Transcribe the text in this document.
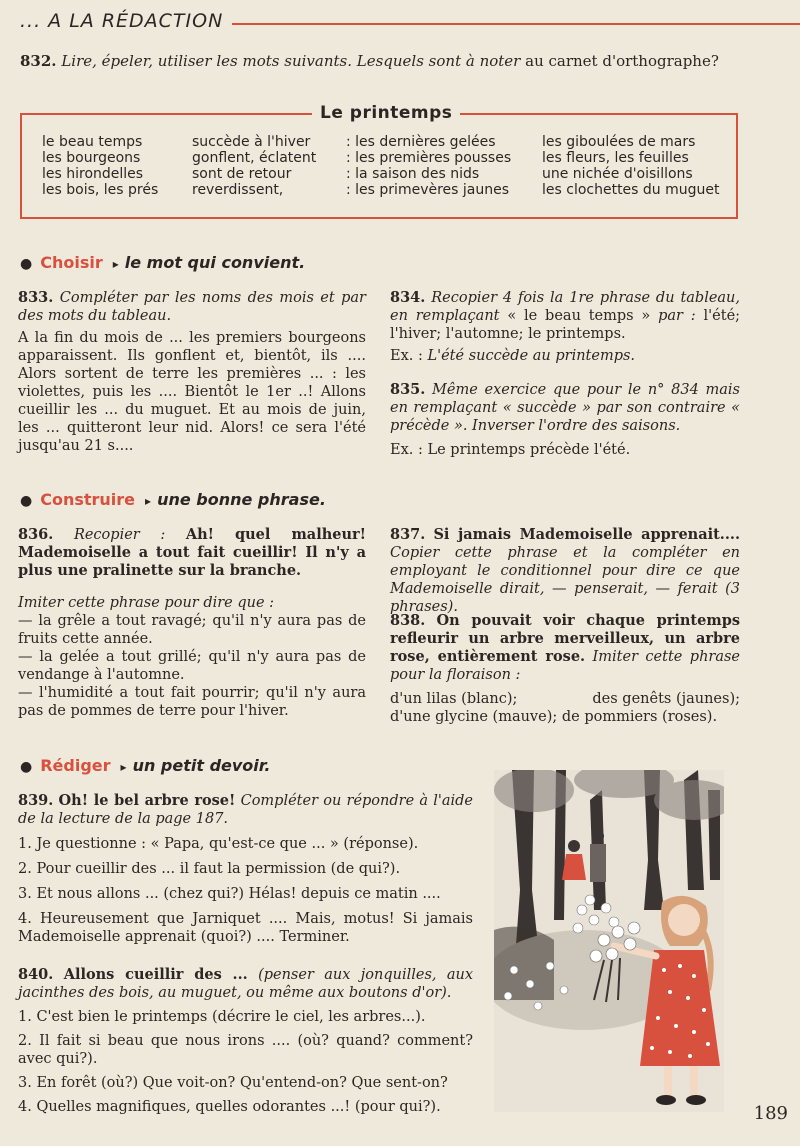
... A LA RÉDACTION
832. Lire, épeler, utiliser les mots suivants. Lesquels sont à noter au carnet d'orthographe?
Le printemps
le beau temps
les bourgeons
les hirondelles
les bois, les prés
succède à l'hiver
gonflent, éclatent
sont de retour
reverdissent,
: les dernières gelées
: les premières pousses
: la saison des nids
: les primevères jaunes
les giboulées de mars
les fleurs, les feuilles
une nichée d'oisillons
les clochettes du muguet
● Choisir ▸ le mot qui convient.

833. Compléter par les noms des mois et par des mots du tableau.

A la fin du mois de ... les premiers bourgeons apparaissent. Ils gonflent et, bientôt, ils .... Alors sortent de terre les premières ... : les violettes, puis les .... Bientôt le 1er ..! Allons cueillir les ... du muguet. Et au mois de juin, les ... quitteront leur nid. Alors! ce sera l'été jusqu'au 21 s....

834. Recopier 4 fois la 1re phrase du tableau, en remplaçant « le beau temps » par : l'été; l'hiver; l'automne; le printemps.

Ex. : L'été succède au printemps.

835. Même exercice que pour le n° 834 mais en remplaçant « succède » par son contraire « précède ». Inverser l'ordre des saisons.

Ex. : Le printemps précède l'été.

● Construire ▸ une bonne phrase.

836. Recopier : Ah! quel malheur! Mademoiselle a tout fait cueillir! Il n'y a plus une pralinette sur la branche.

Imiter cette phrase pour dire que :

— la grêle a tout ravagé; qu'il n'y aura pas de fruits cette année.

— la gelée a tout grillé; qu'il n'y aura pas de vendange à l'automne.

— l'humidité a tout fait pourrir; qu'il n'y aura pas de pommes de terre pour l'hiver.

837. Si jamais Mademoiselle apprenait.... Copier cette phrase et la compléter en employant le conditionnel pour dire ce que Mademoiselle dirait, — penserait, — ferait (3 phrases).

838. On pouvait voir chaque printemps refleurir un arbre merveilleux, un arbre rose, entièrement rose. Imiter cette phrase pour la floraison :

d'un lilas (blanc);	des genêts (jaunes);

d'une glycine (mauve); de pommiers (roses).

● Rédiger ▸ un petit devoir.

839. Oh! le bel arbre rose! Compléter ou répondre à l'aide de la lecture de la page 187.

1. Je questionne : « Papa, qu'est-ce que ... » (réponse).

2. Pour cueillir des ... il faut la permission (de qui?).

3. Et nous allons ... (chez qui?) Hélas! depuis ce matin ....

4. Heureusement que Jarniquet .... Mais, motus! Si jamais Mademoiselle apprenait (quoi?) .... Terminer.

840. Allons cueillir des ... (penser aux jonquilles, aux jacinthes des bois, au muguet, ou même aux boutons d'or).

1. C'est bien le printemps (décrire le ciel, les arbres...).

2. Il fait si beau que nous irons .... (où? quand? comment? avec qui?).

3. En forêt (où?) Que voit-on? Qu'entend-on? Que sent-on?

4. Quelles magnifiques, quelles odorantes ...! (pour qui?).	189
